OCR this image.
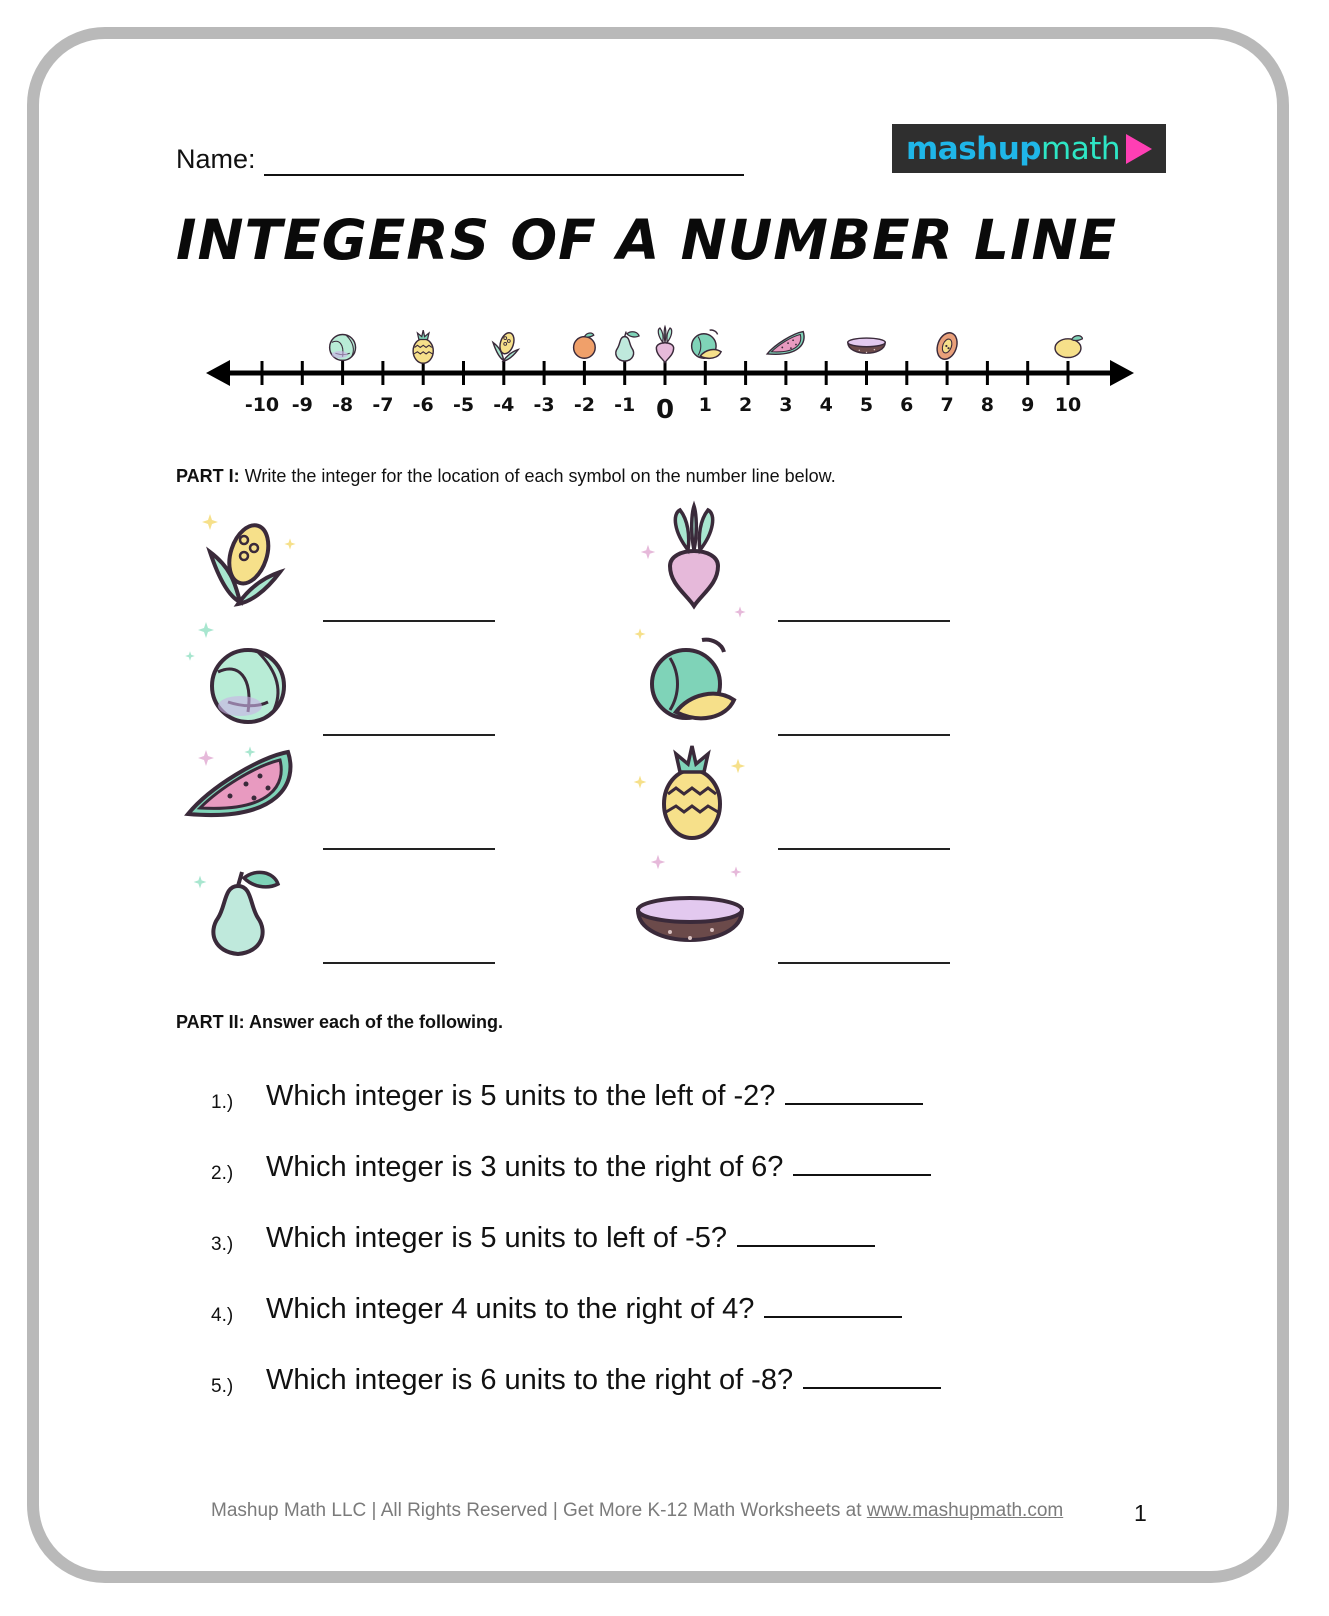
Name:	mashup math
INTEGERS OF A NUMBER LINE
-10 -9 -8 -7 -6 -5 -4 -3 -2 -1 0 1 2 3 4 5 6 7 8 9 10
PART I: Write the integer for the location of each symbol on the number line below.
PART II: Answer each of the following.
1.) Which integer is 5 units to the left of -2?
2.) Which integer is 3 units to the right of 6?
3.) Which integer is 5 units to left of -5?
4.) Which integer 4 units to the right of 4?
5.) Which integer is 6 units to the right of -8?
Mashup Math LLC | All Rights Reserved | Get More K-12 Math Worksheets at www.mashupmath.com	1
